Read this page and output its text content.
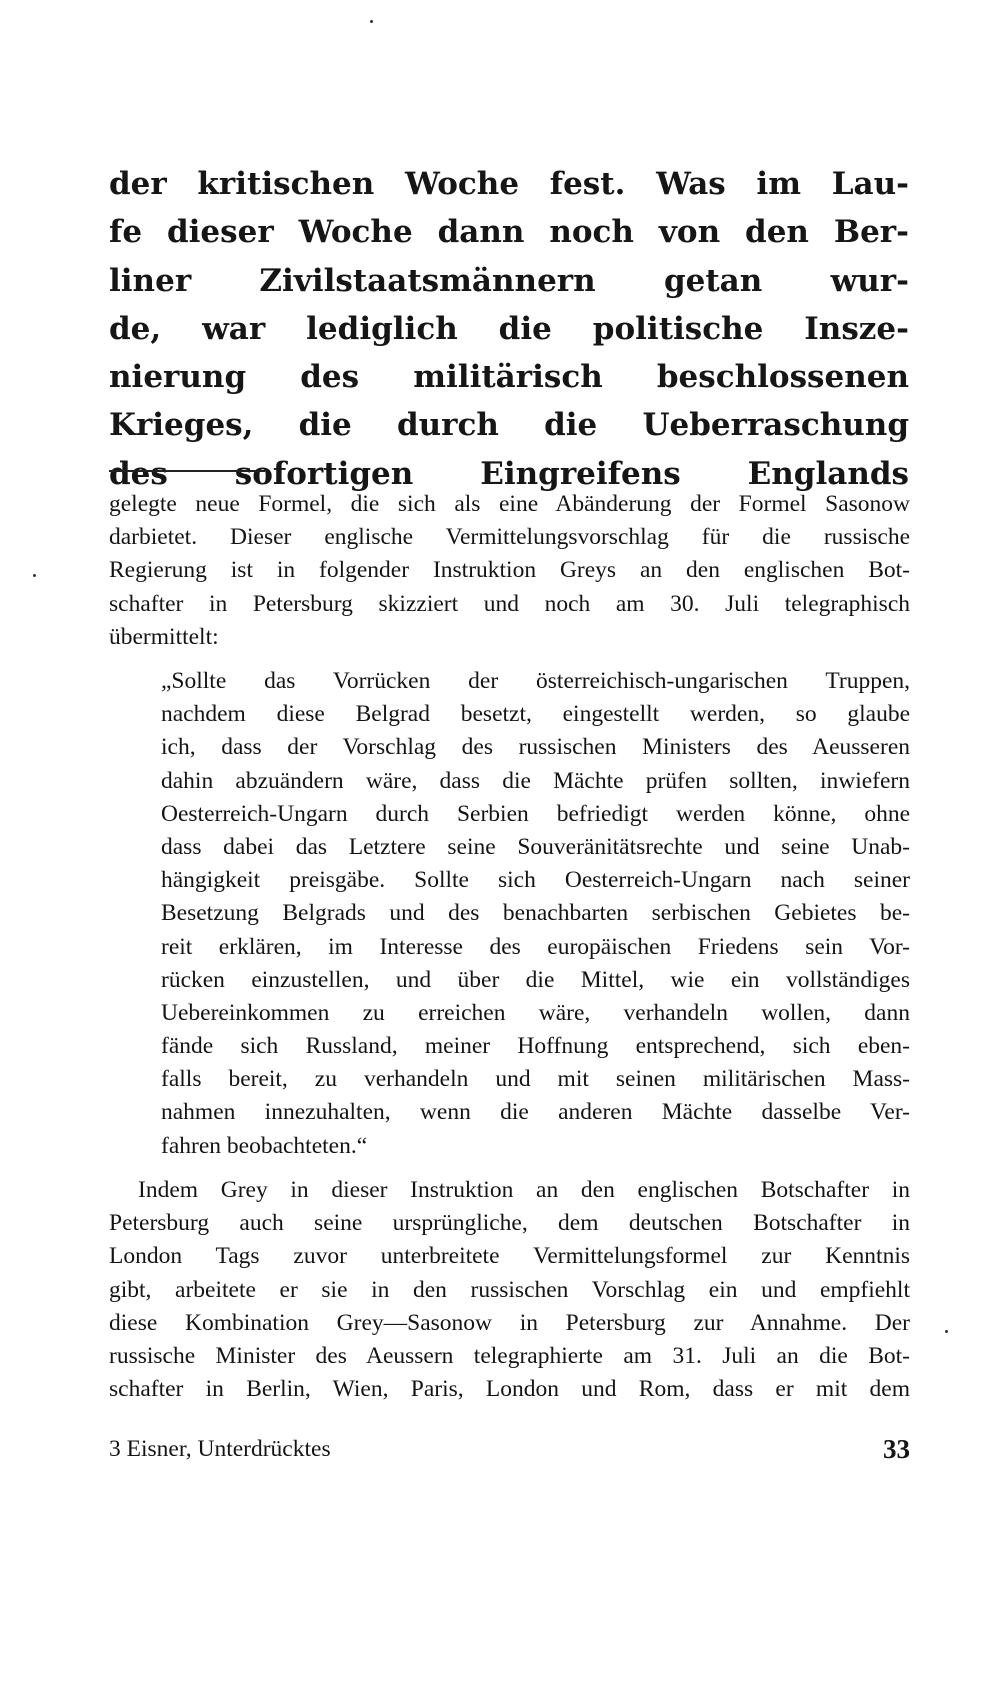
der kritischen Woche fest. Was im Lau-
fe dieser Woche dann noch von den Ber-
liner Zivilstaatsmännern getan wur-
de, war lediglich die politische Insze-
nierung des militärisch beschlossenen
Krieges, die durch die Ueberraschung
des sofortigen Eingreifens Englands
gelegte neue Formel, die sich als eine Abänderung der Formel Sasonow
darbietet. Dieser englische Vermittelungsvorschlag für die russische
Regierung ist in folgender Instruktion Greys an den englischen Bot-
schafter in Petersburg skizziert und noch am 30. Juli telegraphisch
übermittelt:
„Sollte das Vorrücken der österreichisch-ungarischen Truppen,
nachdem diese Belgrad besetzt, eingestellt werden, so glaube
ich, dass der Vorschlag des russischen Ministers des Aeusseren
dahin abzuändern wäre, dass die Mächte prüfen sollten, inwiefern
Oesterreich-Ungarn durch Serbien befriedigt werden könne, ohne
dass dabei das Letztere seine Souveränitätsrechte und seine Unab-
hängigkeit preisgäbe. Sollte sich Oesterreich-Ungarn nach seiner
Besetzung Belgrads und des benachbarten serbischen Gebietes be-
reit erklären, im Interesse des europäischen Friedens sein Vor-
rücken einzustellen, und über die Mittel, wie ein vollständiges
Uebereinkommen zu erreichen wäre, verhandeln wollen, dann
fände sich Russland, meiner Hoffnung entsprechend, sich eben-
falls bereit, zu verhandeln und mit seinen militärischen Mass-
nahmen innezuhalten, wenn die anderen Mächte dasselbe Ver-
fahren beobachteten.“
Indem Grey in dieser Instruktion an den englischen Botschafter in
Petersburg auch seine ursprüngliche, dem deutschen Botschafter in
London Tags zuvor unterbreitete Vermittelungsformel zur Kenntnis
gibt, arbeitete er sie in den russischen Vorschlag ein und empfiehlt
diese Kombination Grey—Sasonow in Petersburg zur Annahme. Der
russische Minister des Aeussern telegraphierte am 31. Juli an die Bot-
schafter in Berlin, Wien, Paris, London und Rom, dass er mit dem
3 Eisner, Unterdrücktes	33
